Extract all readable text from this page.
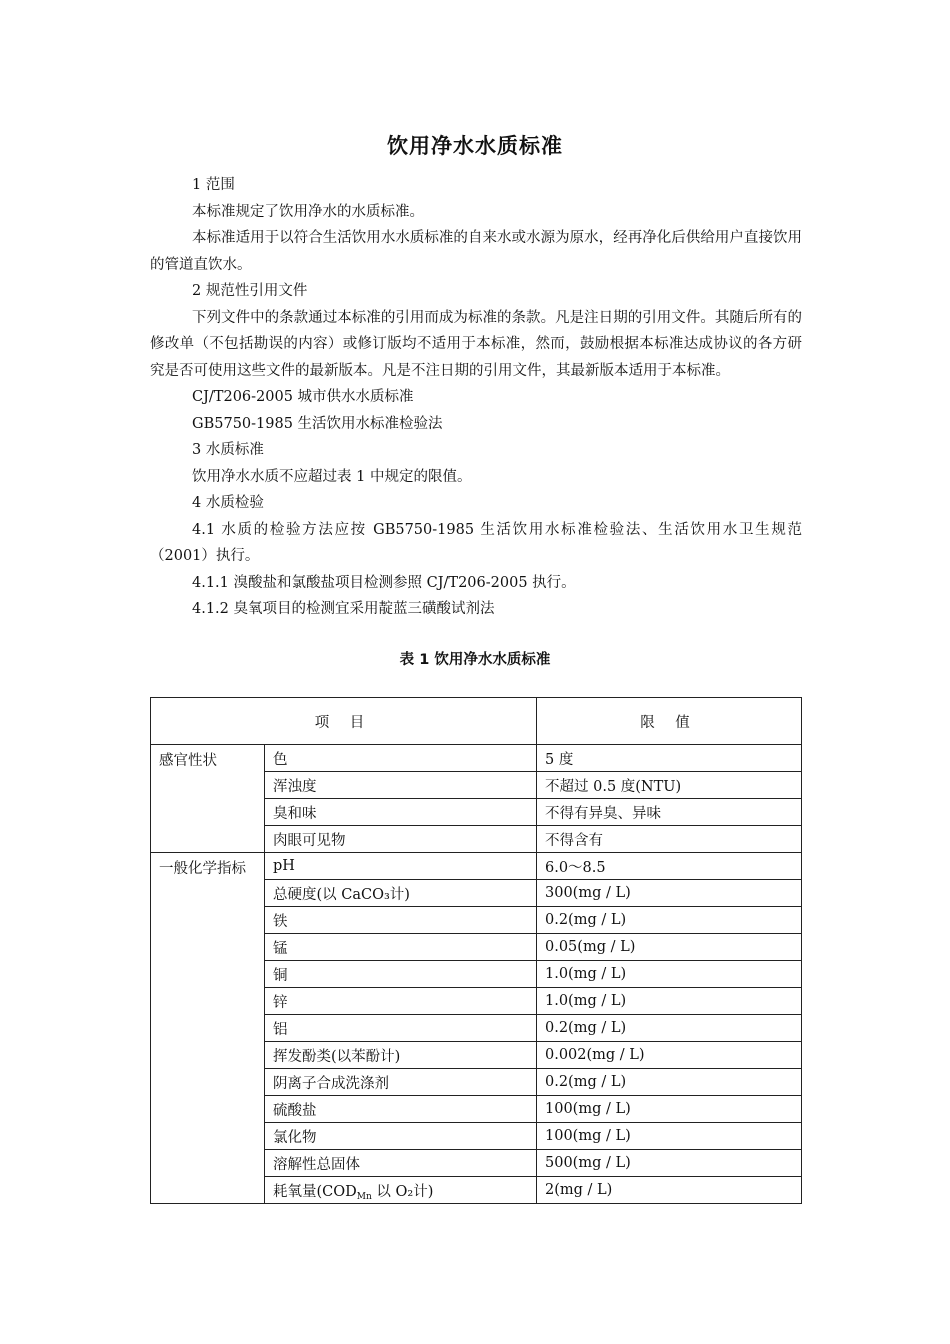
饮用净水水质标准

1 范围

本标准规定了饮用净水的水质标准。

本标准适用于以符合生活饮用水水质标准的自来水或水源为原水，经再净化后供给用户直接饮用的管道直饮水。

2 规范性引用文件

下列文件中的条款通过本标准的引用而成为标准的条款。凡是注日期的引用文件。其随后所有的修改单（不包括勘误的内容）或修订版均不适用于本标准，然而，鼓励根据本标准达成协议的各方研究是否可使用这些文件的最新版本。凡是不注日期的引用文件，其最新版本适用于本标准。

CJ/T206-2005 城市供水水质标准

GB5750-1985 生活饮用水标准检验法

3 水质标准

饮用净水水质不应超过表 1 中规定的限值。

4 水质检验

4.1 水质的检验方法应按 GB5750-1985 生活饮用水标准检验法、生活饮用水卫生规范（2001）执行。

4.1.1 溴酸盐和氯酸盐项目检测参照 CJ/T206-2005 执行。

4.1.2 臭氧项目的检测宜采用靛蓝三磺酸试剂法

表 1 饮用净水水质标准
项 目		限 值
感官性状	色	5 度
	浑浊度	不超过 0.5 度(NTU)
	臭和味	不得有异臭、异味
	肉眼可见物	不得含有
一般化学指标	pH	6.0～8.5
	总硬度(以 CaCO₃计)	300(mg / L)
	铁	0.2(mg / L)
	锰	0.05(mg / L)
	铜	1.0(mg / L)
	锌	1.0(mg / L)
	铝	0.2(mg / L)
	挥发酚类(以苯酚计)	0.002(mg / L)
	阴离子合成洗涤剂	0.2(mg / L)
	硫酸盐	100(mg / L)
	氯化物	100(mg / L)
	溶解性总固体	500(mg / L)
	耗氧量($COD_{Mn}$ 以 O₂计)	2(mg / L)
